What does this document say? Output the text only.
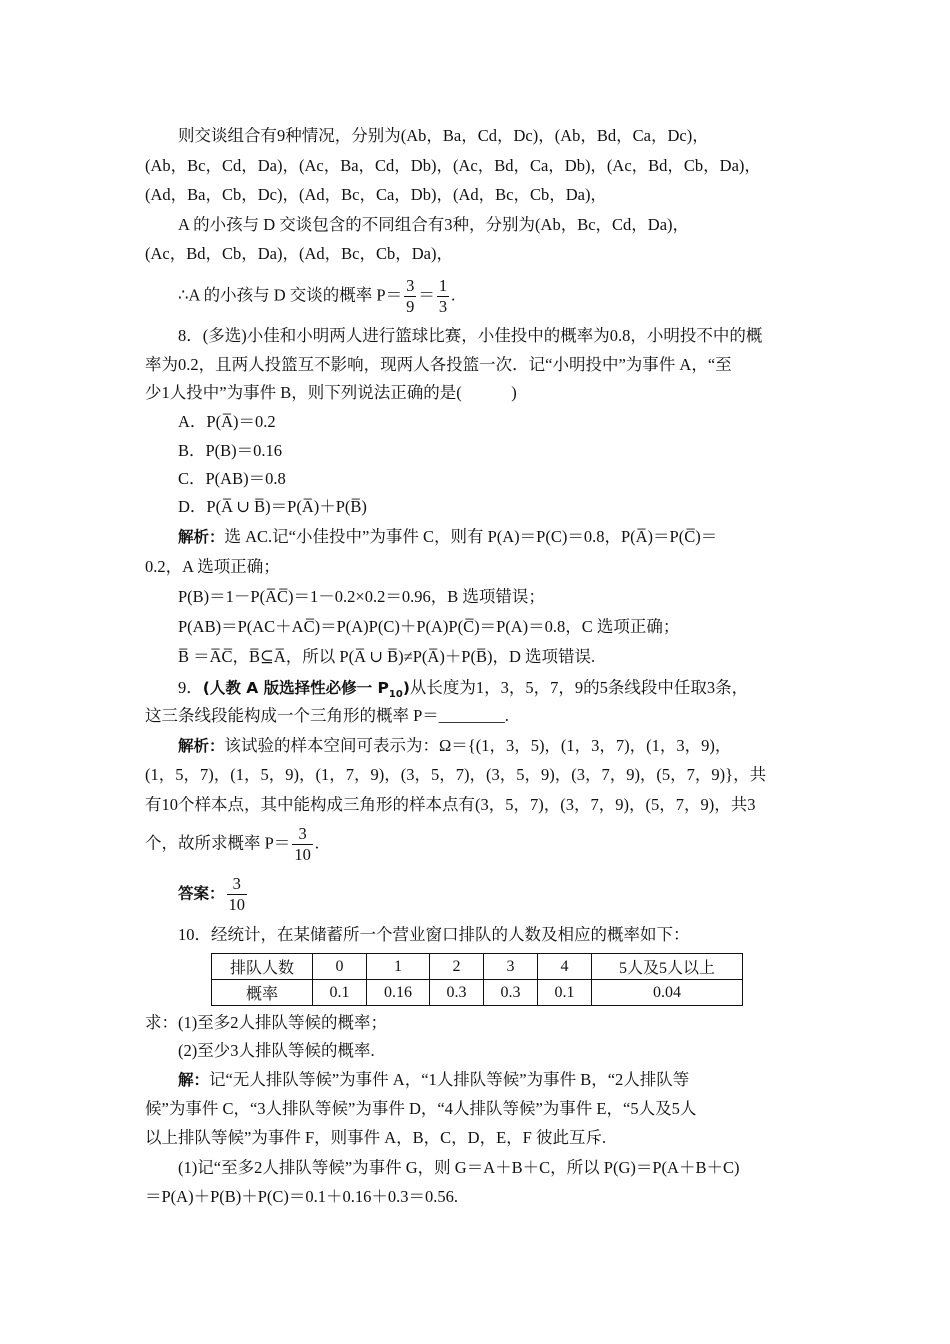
则交谈组合有9种情况，分别为(Ab，Ba，Cd，Dc)，(Ab，Bd，Ca，Dc)，
(Ab，Bc，Cd，Da)，(Ac，Ba，Cd，Db)，(Ac，Bd，Ca，Db)，(Ac，Bd，Cb，Da)，
(Ad，Ba，Cb，Dc)，(Ad，Bc，Ca，Db)，(Ad，Bc，Cb，Da)，
A 的小孩与 D 交谈包含的不同组合有3种，分别为(Ab，Bc，Cd，Da)，
(Ac，Bd，Cb，Da)，(Ad，Bc，Cb，Da)，
∴A 的小孩与 D 交谈的概率 $P= \frac{3}{9} = \frac{1}{3}$ .
8．(多选)小佳和小明两人进行篮球比赛，小佳投中的概率为0.8，小明投不中的概
率为0.2，且两人投篮互不影响，现两人各投篮一次．记“小明投中”为事件 A，“至
少1人投中”为事件 B，则下列说法正确的是(　　　)
A．P(A̅)＝0.2
B．P(B)＝0.16
C．P(AB)＝0.8
D．P(A̅ ∪ B̅)＝P(A̅)＋P(B̅)
解析：选 AC.记“小佳投中”为事件 C，则有 P(A)＝P(C)＝0.8，P(A̅)＝P(C̅)＝
0.2，A 选项正确；
P(B)＝1－P(A̅C̅)＝1－0.2×0.2＝0.96，B 选项错误；
P(AB)＝P(AC＋AC̅)＝P(A)P(C)＋P(A)P(C̅)＝P(A)＝0.8，C 选项正确；
B̅ ＝A̅C̅，B̅⊆A̅，所以 P(A̅ ∪ B̅)≠P(A̅)＋P(B̅)，D 选项错误.
9．(人教 A 版选择性必修一 $P_{10}$)从长度为1，3，5，7，9的5条线段中任取3条，
这三条线段能构成一个三角形的概率 P＝________.
解析：该试验的样本空间可表示为：Ω＝{(1，3，5)，(1，3，7)，(1，3，9)，
(1，5，7)，(1，5，9)，(1，7，9)，(3，5，7)，(3，5，9)，(3，7，9)，(5，7，9)}，共
有10个样本点，其中能构成三角形的样本点有(3，5，7)，(3，7，9)，(5，7，9)，共3
个，故所求概率 $P= \frac{3}{10}$ .
答案： $\frac{3}{10}$
10．经统计，在某储蓄所一个营业窗口排队的人数及相应的概率如下：
排队人数	0	1	2	3	4	5人及5人以上
概率	0.1	0.16	0.3	0.3	0.1	0.04
求：(1)至多2人排队等候的概率；
(2)至少3人排队等候的概率.
解：记“无人排队等候”为事件 A，“1人排队等候”为事件 B，“2人排队等
候”为事件 C，“3人排队等候”为事件 D，“4人排队等候”为事件 E，“5人及5人
以上排队等候”为事件 F，则事件 A，B，C，D，E，F 彼此互斥.
(1)记“至多2人排队等候”为事件 G，则 G＝A＋B＋C，所以 P(G)＝P(A＋B＋C)
＝P(A)＋P(B)＋P(C)＝0.1＋0.16＋0.3＝0.56.
